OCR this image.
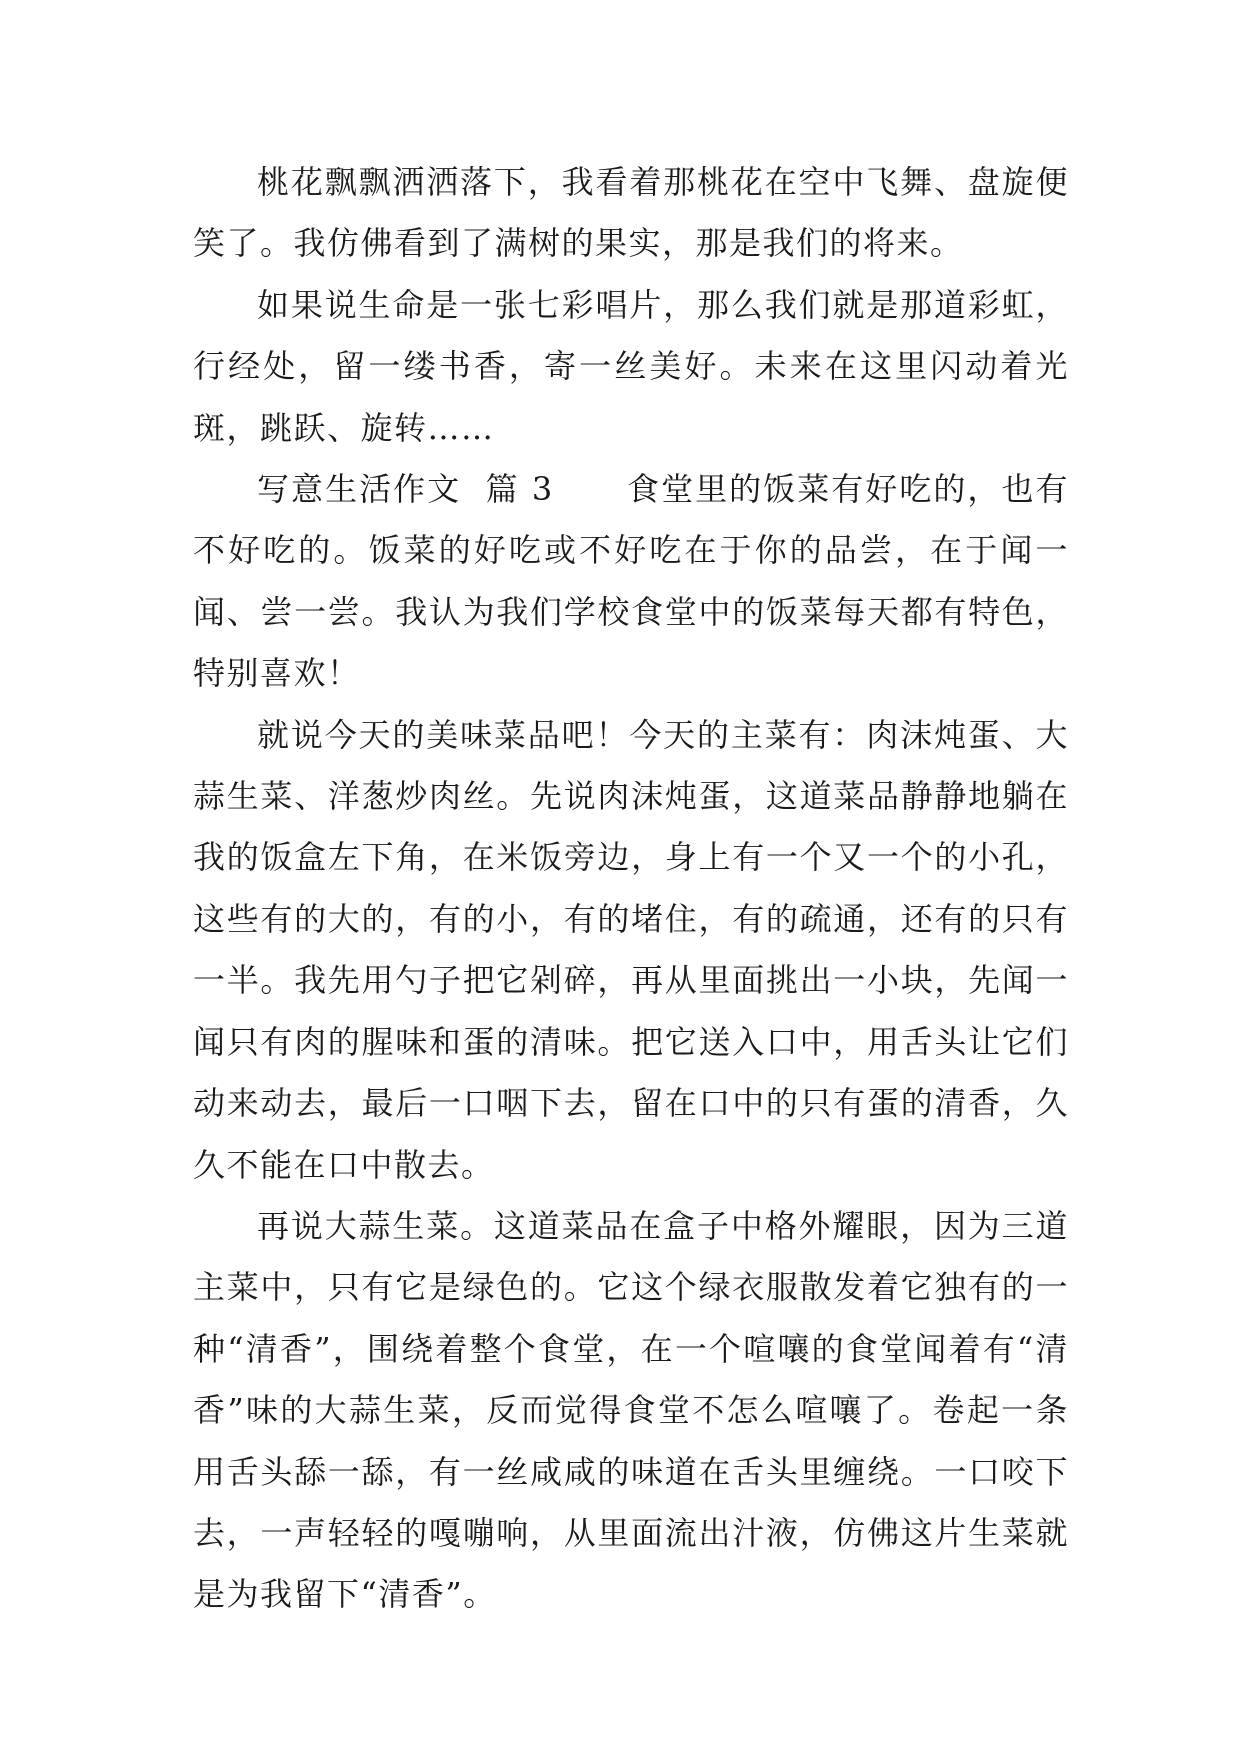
桃花飘飘洒洒落下，我看着那桃花在空中飞舞、盘旋便笑了。我仿佛看到了满树的果实，那是我们的将来。

如果说生命是一张七彩唱片，那么我们就是那道彩虹，行经处，留一缕书香，寄一丝美好。未来在这里闪动着光斑，跳跃、旋转……

写意生活作文  篇 3 食堂里的饭菜有好吃的，也有不好吃的。饭菜的好吃或不好吃在于你的品尝，在于闻一闻、尝一尝。我认为我们学校食堂中的饭菜每天都有特色，特别喜欢！

就说今天的美味菜品吧！今天的主菜有：肉沫炖蛋、大蒜生菜、洋葱炒肉丝。先说肉沫炖蛋，这道菜品静静地躺在我的饭盒左下角，在米饭旁边，身上有一个又一个的小孔，这些有的大的，有的小，有的堵住，有的疏通，还有的只有一半。我先用勺子把它剁碎，再从里面挑出一小块，先闻一闻只有肉的腥味和蛋的清味。把它送入口中，用舌头让它们动来动去，最后一口咽下去，留在口中的只有蛋的清香，久久不能在口中散去。

再说大蒜生菜。这道菜品在盒子中格外耀眼，因为三道主菜中，只有它是绿色的。它这个绿衣服散发着它独有的一种“清香”，围绕着整个食堂，在一个喧嚷的食堂闻着有“清香”味的大蒜生菜，反而觉得食堂不怎么喧嚷了。卷起一条用舌头舔一舔，有一丝咸咸的味道在舌头里缠绕。一口咬下去，一声轻轻的嘎嘣响，从里面流出汁液，仿佛这片生菜就是为我留下“清香”。
